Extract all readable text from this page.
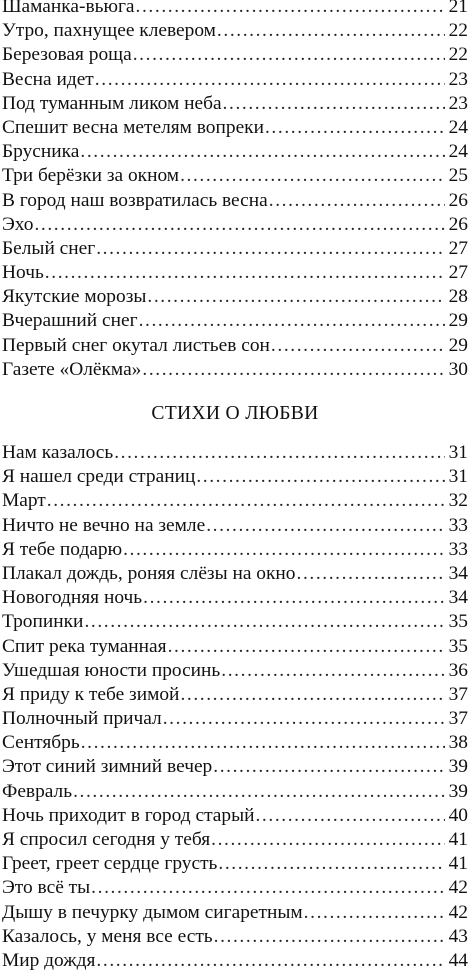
Шаманка-вьюга .....	21
Утро, пахнущее клевером .....	22
Березовая роща .....	22
Весна идет .....	23
Под туманным ликом неба .....	23
Спешит весна метелям вопреки .....	24
Брусника .....	24
Три берёзки за окном .....	25
В город наш возвратилась весна .....	26
Эхо .....	26
Белый снег .....	27
Ночь .....	27
Якутские морозы .....	28
Вчерашний снег .....	29
Первый снег окутал листьев сон .....	29
Газете «Олёкма» .....	30
СТИХИ О ЛЮБВИ
Нам казалось .....	31
Я нашел среди страниц .....	31
Март .....	32
Ничто не вечно на земле .....	33
Я тебе подарю .....	33
Плакал дождь, роняя слёзы на окно .....	34
Новогодняя ночь .....	34
Тропинки .....	35
Спит река туманная .....	35
Ушедшая юности просинь .....	36
Я приду к тебе зимой .....	37
Полночный причал .....	37
Сентябрь .....	38
Этот синий зимний вечер .....	39
Февраль .....	39
Ночь приходит в город старый .....	40
Я спросил сегодня у тебя .....	41
Греет, греет сердце грусть .....	41
Это всё ты .....	42
Дышу в печурку дымом сигаретным .....	42
Казалось, у меня все есть .....	43
Мир дождя .....	44
